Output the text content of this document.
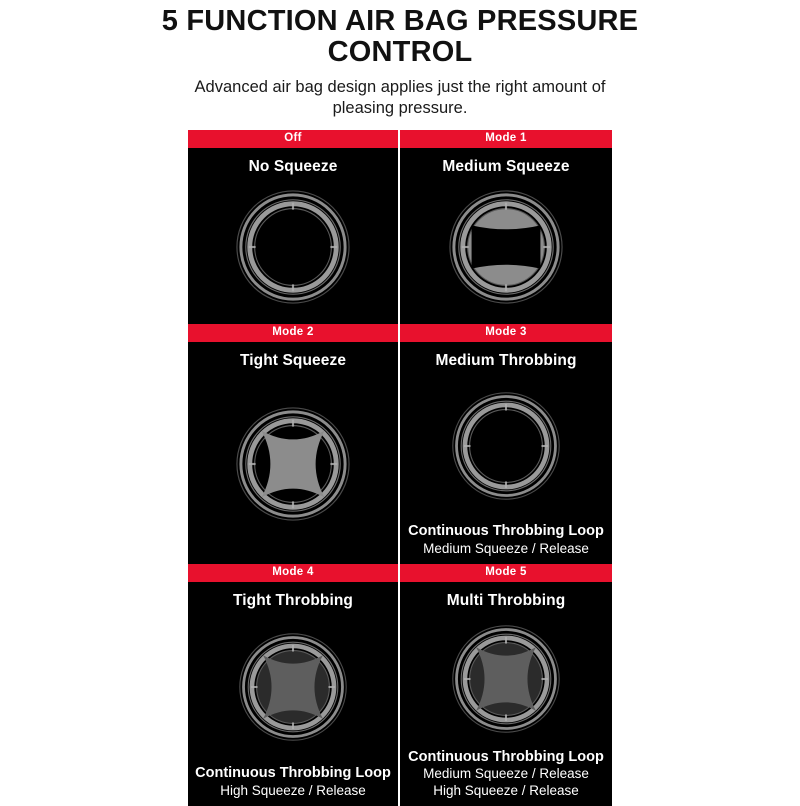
5 FUNCTION AIR BAG PRESSURE CONTROL
Advanced air bag design applies just the right amount of pleasing pressure.
Off
No Squeeze
Mode 1
Medium Squeeze
Mode 2
Tight Squeeze
Mode 3
Medium Throbbing
Continuous Throbbing Loop
Medium Squeeze / Release
Mode 4
Tight Throbbing
Continuous Throbbing Loop
High Squeeze / Release
Mode 5
Multi Throbbing
Continuous Throbbing Loop
Medium Squeeze / Release
High Squeeze / Release
